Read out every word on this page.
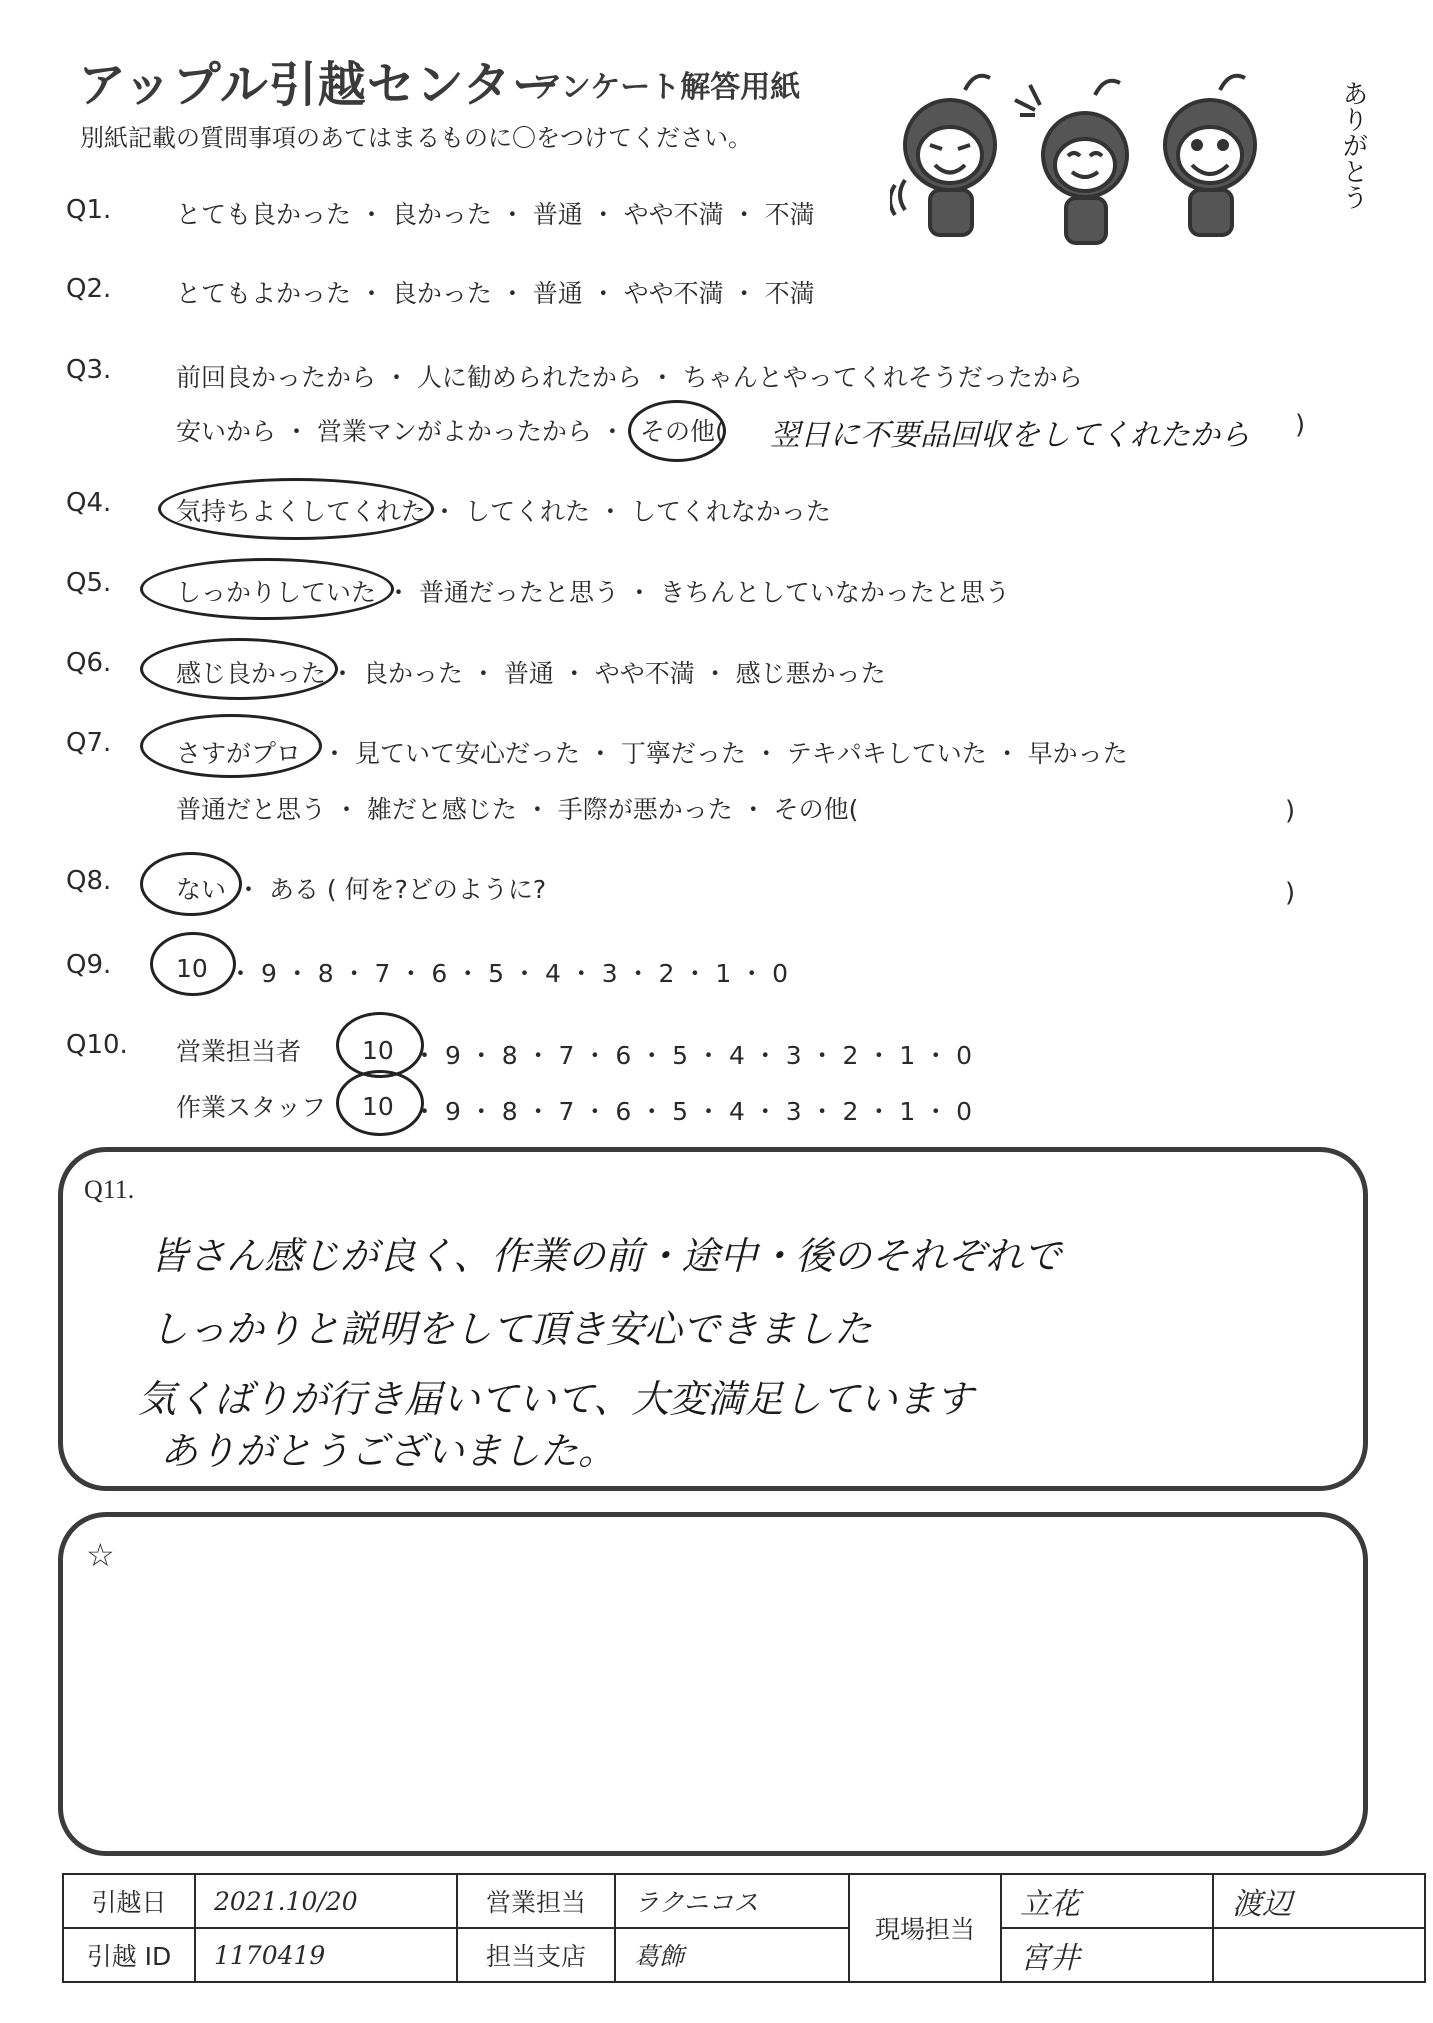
アップル引越センター
アンケート解答用紙
別紙記載の質問事項のあてはまるものに〇をつけてください。	ありがとう
Q1.	とても良かった ・ 良かった ・ 普通 ・ やや不満 ・ 不満
Q2.	とてもよかった ・ 良かった ・ 普通 ・ やや不満 ・ 不満
Q3.	前回良かったから ・ 人に勧められたから ・ ちゃんとやってくれそうだったから
安いから ・ 営業マンがよかったから ・ その他( 翌日に不要品回収をしてくれたから )
Q4.	気持ちよくしてくれた ・ してくれた ・ してくれなかった
Q5.	しっかりしていた ・ 普通だったと思う ・ きちんとしていなかったと思う
Q6.	感じ良かった ・ 良かった ・ 普通 ・ やや不満 ・ 感じ悪かった
Q7.	さすがプロ ・ 見ていて安心だった ・ 丁寧だった ・ テキパキしていた ・ 早かった
普通だと思う ・ 雑だと感じた ・ 手際が悪かった ・ その他(	)
Q8.	ない ・ ある ( 何を?どのように?	)
Q9.	10 ・ 9 ・ 8 ・ 7 ・ 6 ・ 5 ・ 4 ・ 3 ・ 2 ・ 1 ・ 0
Q10. 営業担当者 10 ・ 9 ・ 8 ・ 7 ・ 6 ・ 5 ・ 4 ・ 3 ・ 2 ・ 1 ・ 0
作業スタッフ 10 ・ 9 ・ 8 ・ 7 ・ 6 ・ 5 ・ 4 ・ 3 ・ 2 ・ 1 ・ 0
Q11.
皆さん感じが良く、作業の前・途中・後のそれぞれで
しっかりと説明をして頂き安心できました
気くばりが行き届いていて、大変満足しています
ありがとうございました。
☆
引越日	2021.10/20	営業担当	ラクニコス	現場担当	立花	渡辺
引越 ID	1170419	担当支店	葛飾		宮井	
